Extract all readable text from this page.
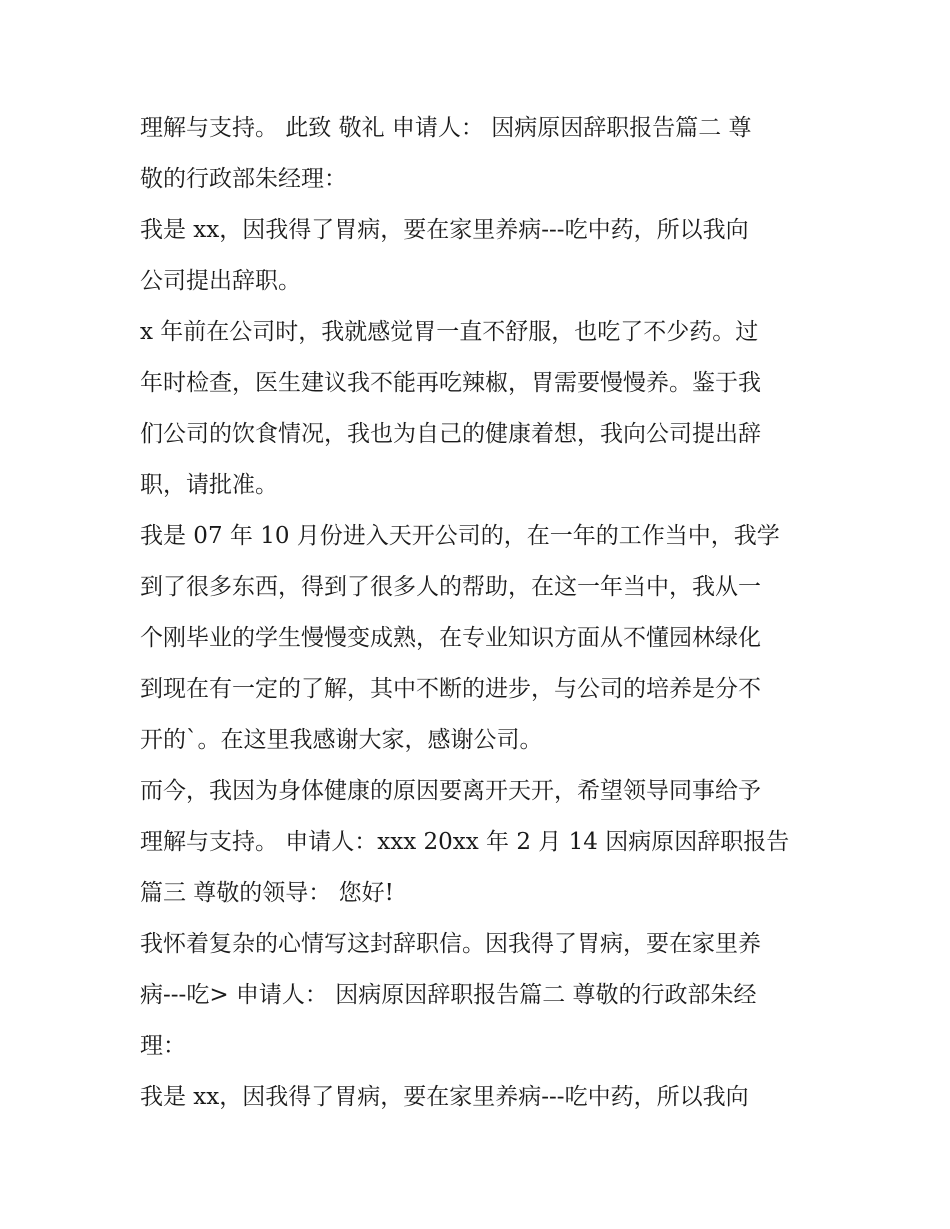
理解与支持。 此致 敬礼 申请人： 因病原因辞职报告篇二 尊
敬的行政部朱经理：
我是 xx，因我得了胃病，要在家里养病---吃中药，所以我向
公司提出辞职。
x 年前在公司时，我就感觉胃一直不舒服，也吃了不少药。过
年时检查，医生建议我不能再吃辣椒，胃需要慢慢养。鉴于我
们公司的饮食情况，我也为自己的健康着想，我向公司提出辞
职，请批准。
我是 07 年 10 月份进入天开公司的，在一年的工作当中，我学
到了很多东西，得到了很多人的帮助，在这一年当中，我从一
个刚毕业的学生慢慢变成熟，在专业知识方面从不懂园林绿化
到现在有一定的了解，其中不断的进步，与公司的培养是分不
开的`。在这里我感谢大家，感谢公司。
而今，我因为身体健康的原因要离开天开，希望领导同事给予
理解与支持。 申请人：xxx 20xx 年 2 月 14 因病原因辞职报告
篇三 尊敬的领导： 您好!
我怀着复杂的心情写这封辞职信。因我得了胃病，要在家里养
病---吃> 申请人： 因病原因辞职报告篇二 尊敬的行政部朱经
理：
我是 xx，因我得了胃病，要在家里养病---吃中药，所以我向
